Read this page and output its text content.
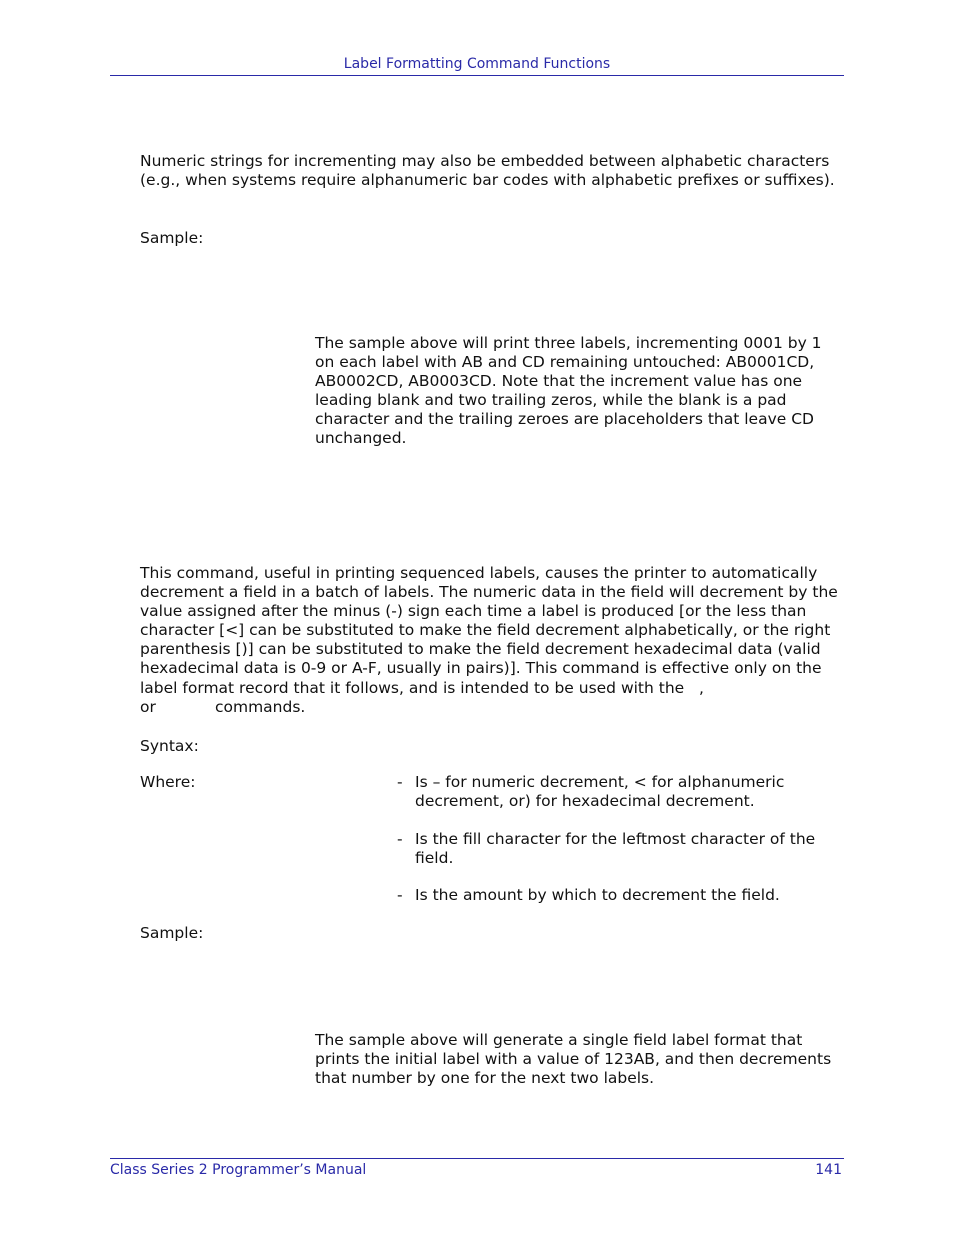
Label Formatting Command Functions

Numeric strings for incrementing may also be embedded between alphabetic characters (e.g., when systems require alphanumeric bar codes with alphabetic prefixes or suffixes).

Sample:

The sample above will print three labels, incrementing 0001 by 1 on each label with AB and CD remaining untouched: AB0001CD, AB0002CD, AB0003CD. Note that the increment value has one leading blank and two trailing zeros, while the blank is a pad character and the trailing zeroes are placeholders that leave CD unchanged.

This command, useful in printing sequenced labels, causes the printer to automatically decrement a field in a batch of labels. The numeric data in the field will decrement by the value assigned after the minus (-) sign each time a label is produced [or the less than character [<] can be substituted to make the field decrement alphabetically, or the right parenthesis [)] can be substituted to make the field decrement hexadecimal data (valid hexadecimal data is 0-9 or A-F, usually in pairs)]. This command is effective only on the label format record that it follows, and is intended to be used with the   ,
or            commands.
Syntax:
Where:	- Is – for numeric decrement, < for alphanumeric decrement, or) for hexadecimal decrement.
- Is the fill character for the leftmost character of the field.
- Is the amount by which to decrement the field.
Sample:

The sample above will generate a single field label format that prints the initial label with a value of 123AB, and then decrements that number by one for the next two labels.

Class Series 2 Programmer’s Manual	141
